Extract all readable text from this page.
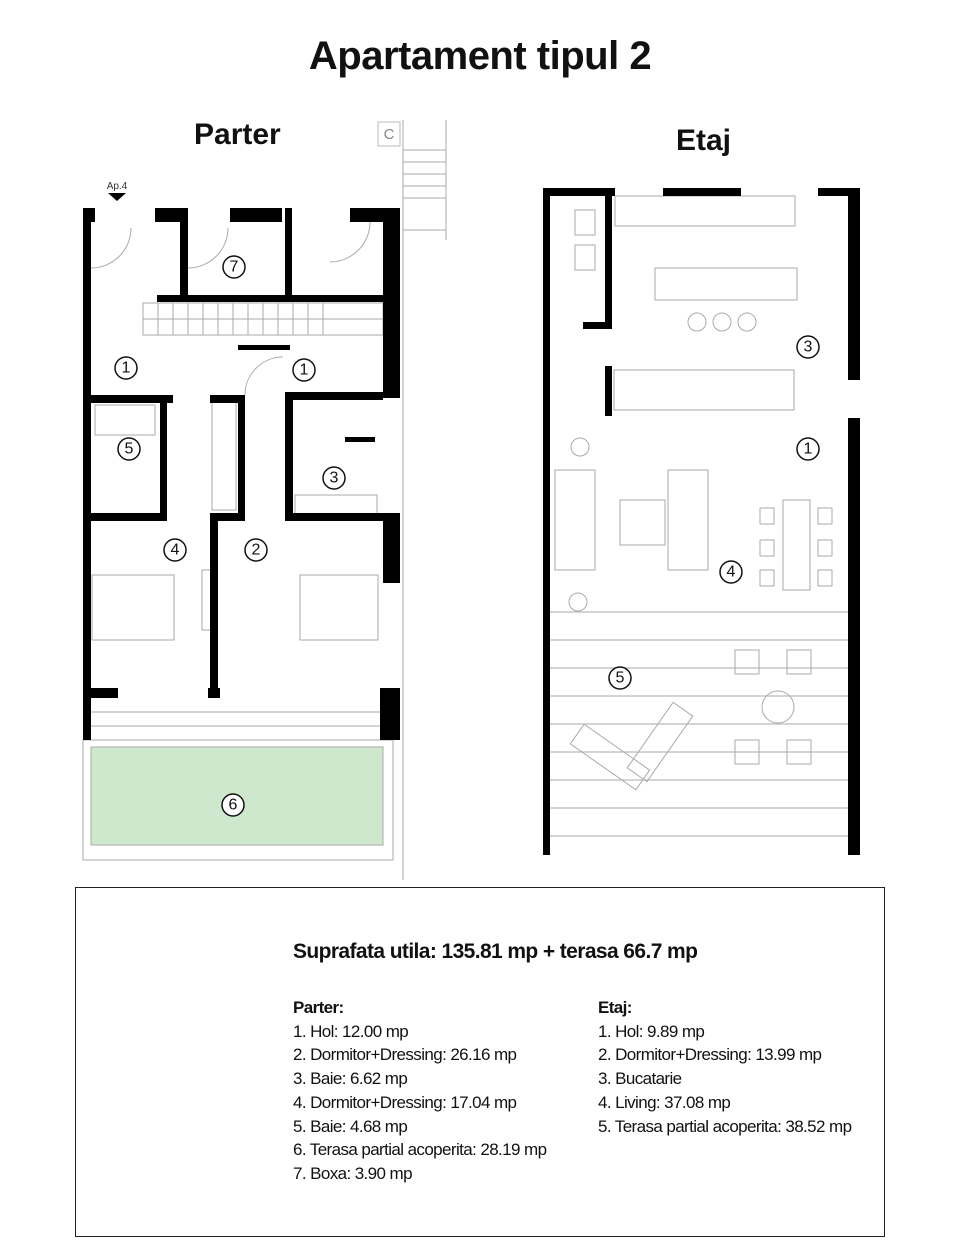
Apartament tipul 2
Parter	Etaj
C
Ap.4
1	1
2
3
4
5
6
7
1
3
4
5
Suprafata utila: 135.81 mp + terasa 66.7 mp
Parter:
1. Hol: 12.00 mp
2. Dormitor+Dressing: 26.16 mp
3. Baie: 6.62 mp
4. Dormitor+Dressing: 17.04 mp
5. Baie: 4.68 mp
6. Terasa partial acoperita: 28.19 mp
7. Boxa: 3.90 mp
Etaj:
1. Hol: 9.89 mp
2. Dormitor+Dressing: 13.99 mp
3. Bucatarie
4. Living: 37.08 mp
5. Terasa partial acoperita: 38.52 mp
